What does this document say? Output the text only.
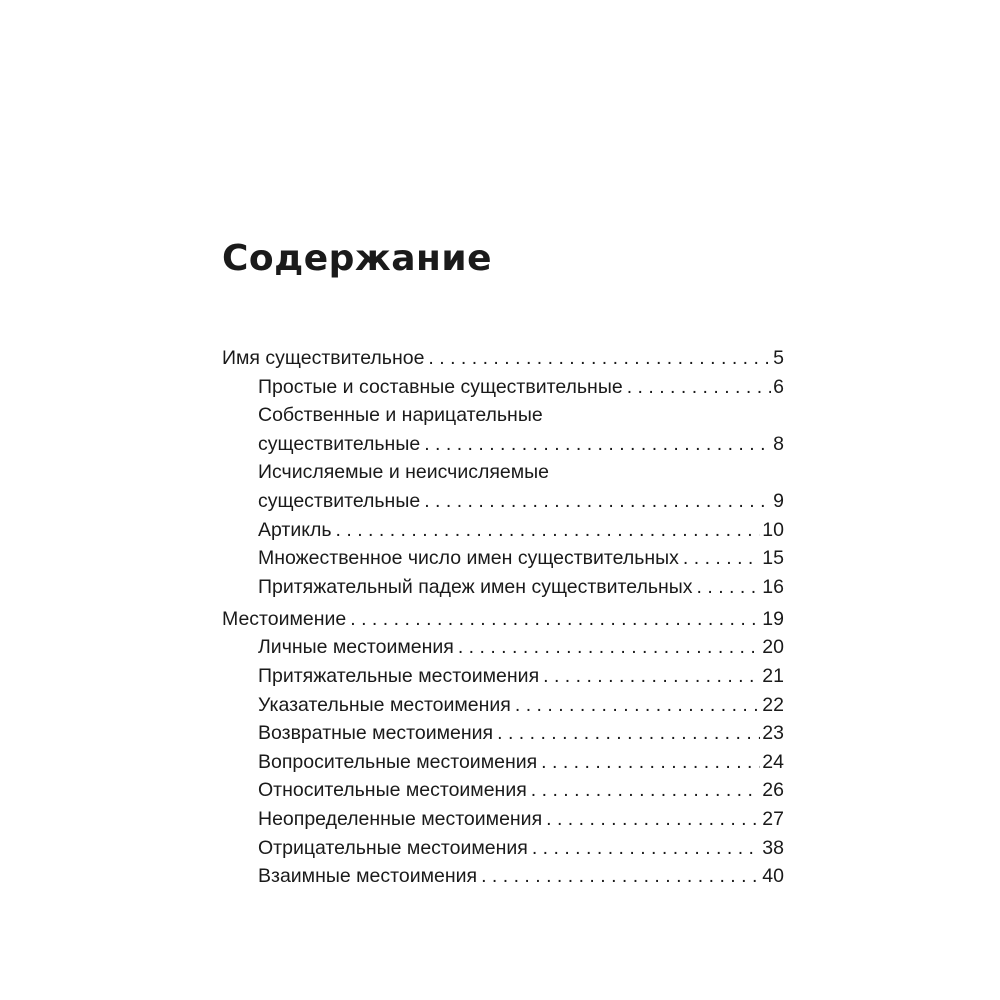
Содержание
Имя существительное . . .	5
Простые и составные существительные . . .	6
Собственные и нарицательные
существительные . . .	8
Исчисляемые и неисчисляемые
существительные . . .	9
Артикль . . .	10
Множественное число имен существительных . . .	15
Притяжательный падеж имен существительных . . .	16
Местоимение . . .	19
Личные местоимения . . .	20
Притяжательные местоимения . . .	21
Указательные местоимения . . .	22
Возвратные местоимения . . .	23
Вопросительные местоимения . . .	24
Относительные местоимения . . .	26
Неопределенные местоимения . . .	27
Отрицательные местоимения . . .	38
Взаимные местоимения . . .	40
